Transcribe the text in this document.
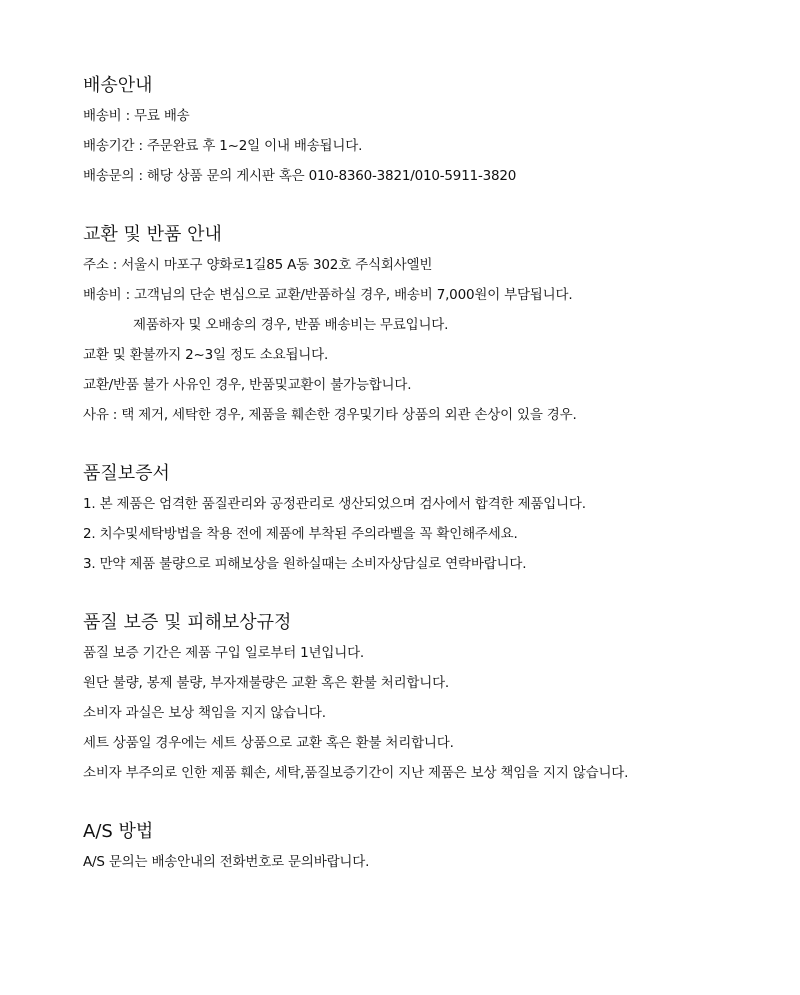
배송안내
배송비 : 무료 배송
배송기간 : 주문완료 후 1~2일 이내 배송됩니다.
배송문의 : 해당 상품 문의 게시판 혹은 010-8360-3821/010-5911-3820
교환 및 반품 안내
주소 : 서울시 마포구 양화로1길85 A동 302호 주식회사엘빈
배송비 : 고객님의 단순 변심으로 교환/반품하실 경우, 배송비 7,000원이 부담됩니다.
제품하자 및 오배송의 경우, 반품 배송비는 무료입니다.
교환 및 환불까지 2~3일 정도 소요됩니다.
교환/반품 불가 사유인 경우, 반품및교환이 불가능합니다.
사유 : 택 제거, 세탁한 경우, 제품을 훼손한 경우및기타 상품의 외관 손상이 있을 경우.
품질보증서
1. 본 제품은 엄격한 품질관리와 공정관리로 생산되었으며 검사에서 합격한 제품입니다.
2. 치수및세탁방법을 착용 전에 제품에 부착된 주의라벨을 꼭 확인해주세요.
3. 만약 제품 불량으로 피해보상을 원하실때는 소비자상담실로 연락바랍니다.
품질 보증 및 피해보상규정
품질 보증 기간은 제품 구입 일로부터 1년입니다.
원단 불량, 봉제 불량, 부자재불량은 교환 혹은 환불 처리합니다.
소비자 과실은 보상 책임을 지지 않습니다.
세트 상품일 경우에는 세트 상품으로 교환 혹은 환불 처리합니다.
소비자 부주의로 인한 제품 훼손, 세탁,품질보증기간이 지난 제품은 보상 책임을 지지 않습니다.
A/S 방법
A/S 문의는 배송안내의 전화번호로 문의바랍니다.
